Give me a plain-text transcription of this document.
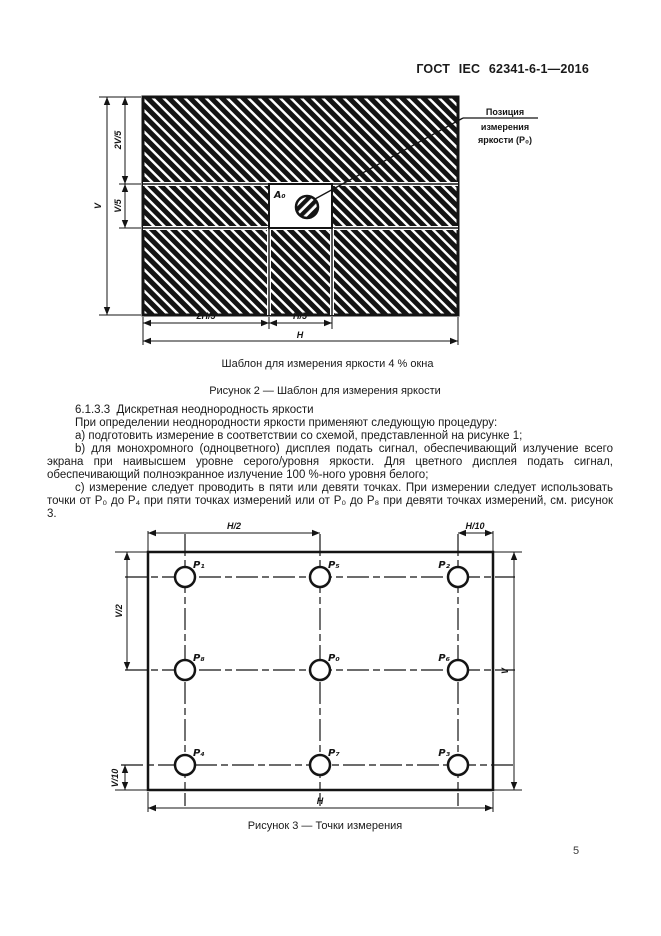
ГОСТ IEC 62341-6-1—2016
A₀
Позиция
измерения
яркости (P₀)
V
2V/5
V/5
2H/5	H/5
H
Шаблон для измерения яркости 4 % окна
Рисунок 2 — Шаблон для измерения яркости

6.1.3.3  Дискретная неоднородность яркости

При определении неоднородности яркости применяют следующую процедуру:

a) подготовить измерение в соответствии со схемой, представленной на рисунке 1;

b) для монохромного (одноцветного) дисплея подать сигнал, обеспечивающий излучение всего экрана при наивысшем уровне серого/уровня яркости. Для цветного дисплея подать сигнал, обеспечивающий полноэкранное излучение 100 %-ного уровня белого;

c) измерение следует проводить в пяти или девяти точках. При измерении следует использовать точки от P₀ до P₄ при пяти точках измерений или от P₀ до P₈ при девяти точках измерений, см. рисунок 3.

H/2	H/10
V/2
V/10
H
V
P₁	P₅	P₂
P₈	P₀	P₆
P₄	P₇	P₃
Рисунок 3 — Точки измерения
5
